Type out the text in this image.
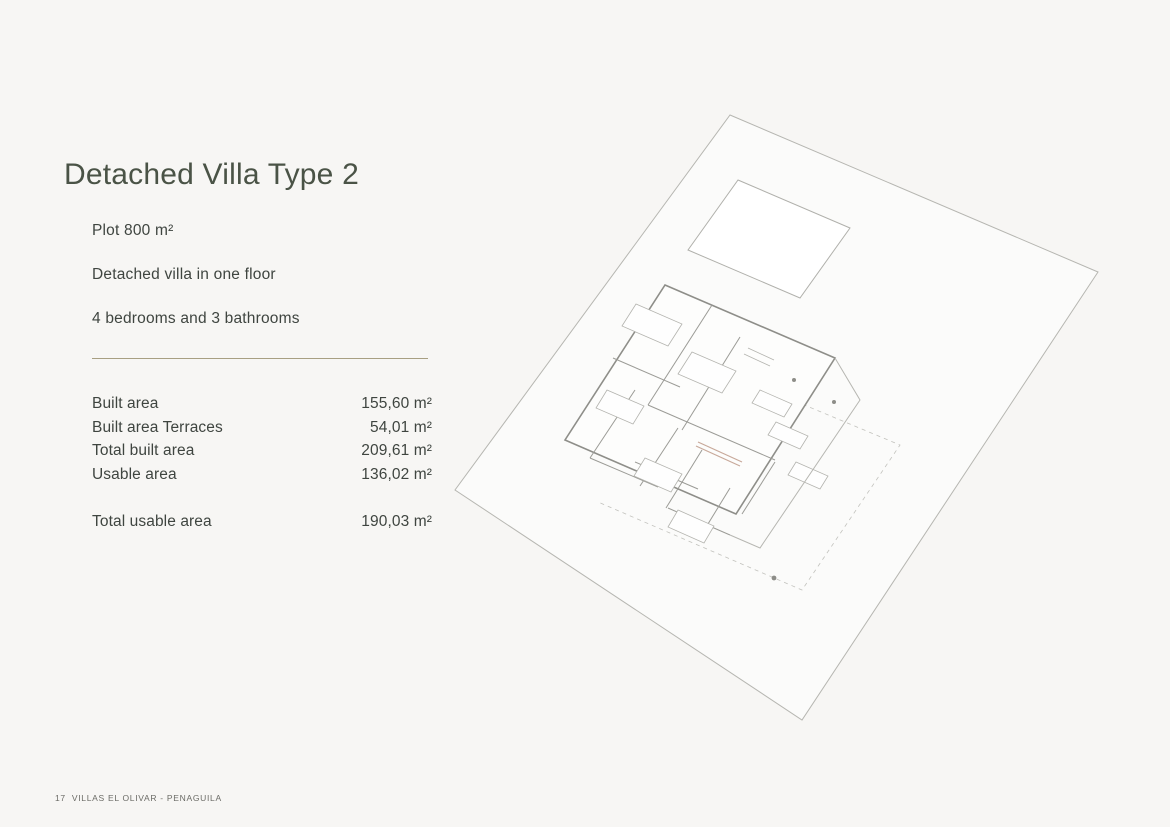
Detached Villa Type 2
Plot 800 m²
Detached villa in one floor
4 bedrooms and 3 bathrooms
Built area	155,60 m²
Built area Terraces	54,01 m²
Total built area	209,61 m²
Usable area	136,02 m²
Total usable area	190,03 m²
17 VILLAS EL OLIVAR - PENAGUILA
